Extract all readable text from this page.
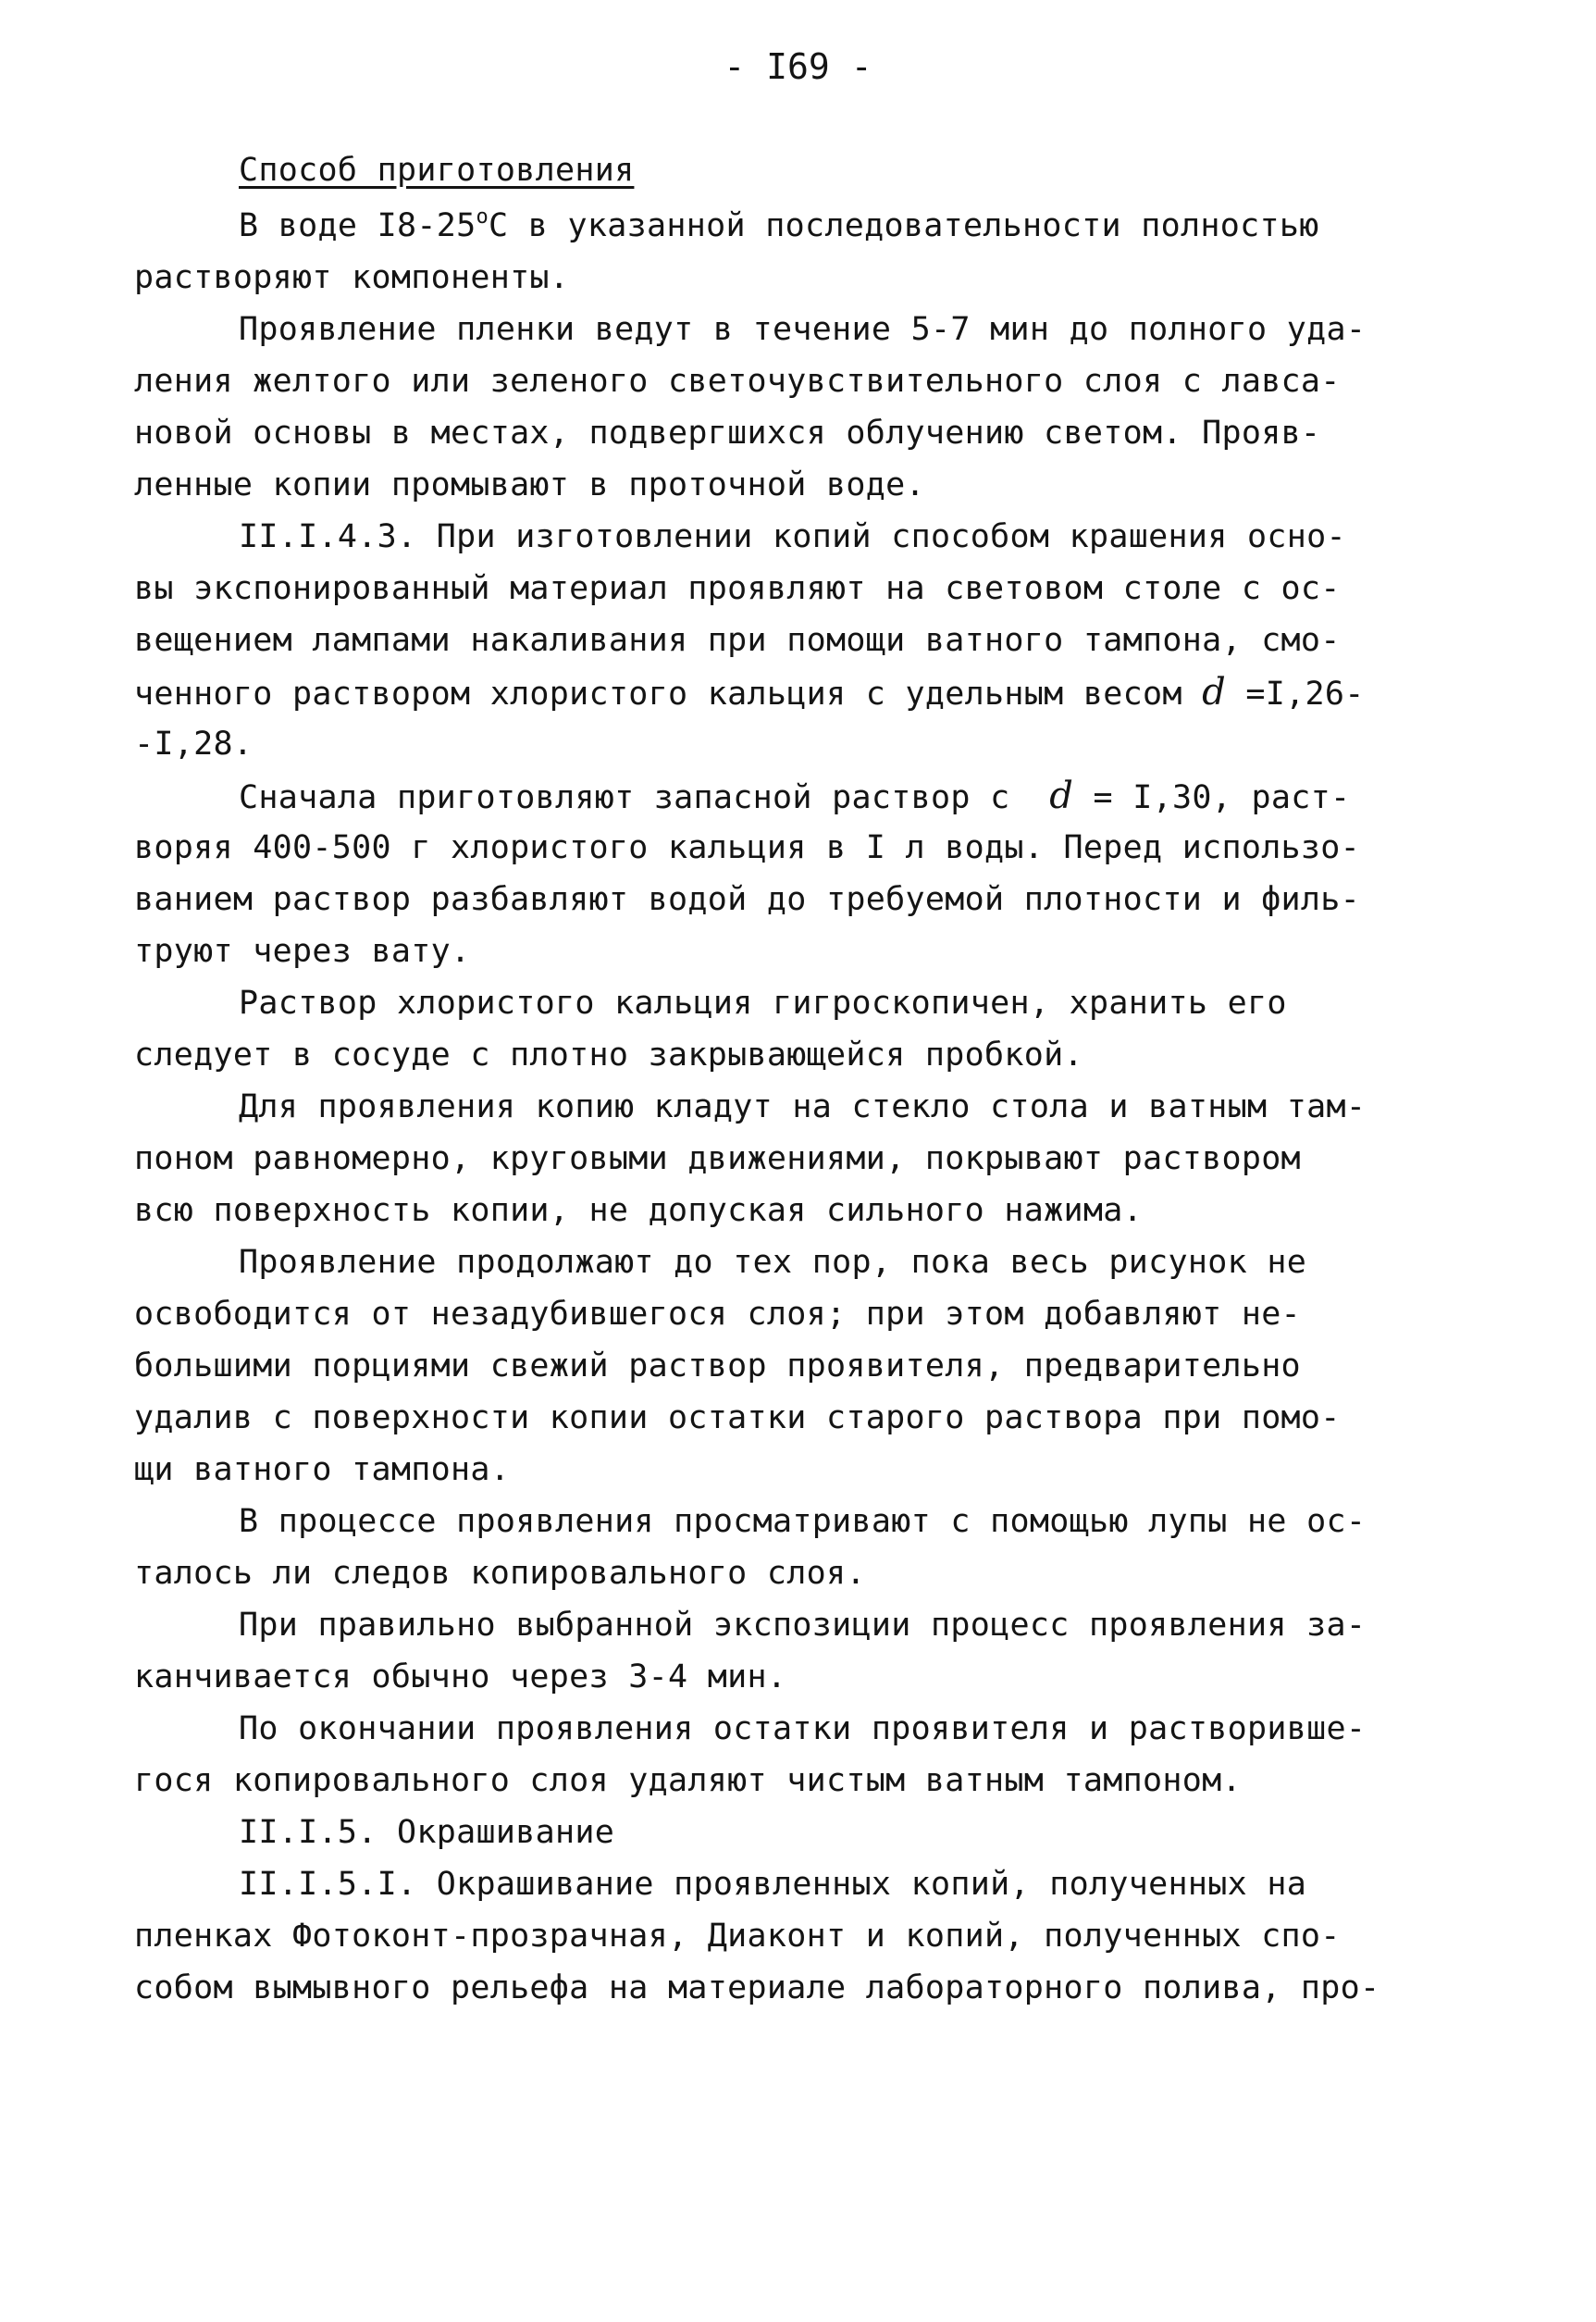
- I69 -
Способ приготовления
В воде $I8-25^оС$ в указанной последовательности полностью
растворяют компоненты.
Проявление пленки ведут в течение 5-7 мин до полного уда-
ления желтого или зеленого светочувствительного слоя с лавса-
новой основы в местах, подвергшихся облучению светом. Прояв-
ленные копии промывают в проточной воде.
II.I.4.3. При изготовлении копий способом крашения осно-
вы экспонированный материал проявляют на световом столе с ос-
вещением лампами накаливания при помощи ватного тампона, смо-
ченного раствором хлористого кальция с удельным весом d =I,26-
-I,28.
Сначала приготовляют запасной раствор с  d = I,30, раст-
воряя 400-500 г хлористого кальция в I л воды. Перед использо-
ванием раствор разбавляют водой до требуемой плотности и филь-
труют через вату.
Раствор хлористого кальция гигроскопичен, хранить его
следует в сосуде с плотно закрывающейся пробкой.
Для проявления копию кладут на стекло стола и ватным там-
поном равномерно, круговыми движениями, покрывают раствором
всю поверхность копии, не допуская сильного нажима.
Проявление продолжают до тех пор, пока весь рисунок не
освободится от незадубившегося слоя; при этом добавляют не-
большими порциями свежий раствор проявителя, предварительно
удалив с поверхности копии остатки старого раствора при помо-
щи ватного тампона.
В процессе проявления просматривают с помощью лупы не ос-
талось ли следов копировального слоя.
При правильно выбранной экспозиции процесс проявления за-
канчивается обычно через 3-4 мин.
По окончании проявления остатки проявителя и растворивше-
гося копировального слоя удаляют чистым ватным тампоном.
II.I.5. Окрашивание
II.I.5.I. Окрашивание проявленных копий, полученных на
пленках Фотоконт-прозрачная, Диаконт и копий, полученных спо-
собом вымывного рельефа на материале лабораторного полива, про-
